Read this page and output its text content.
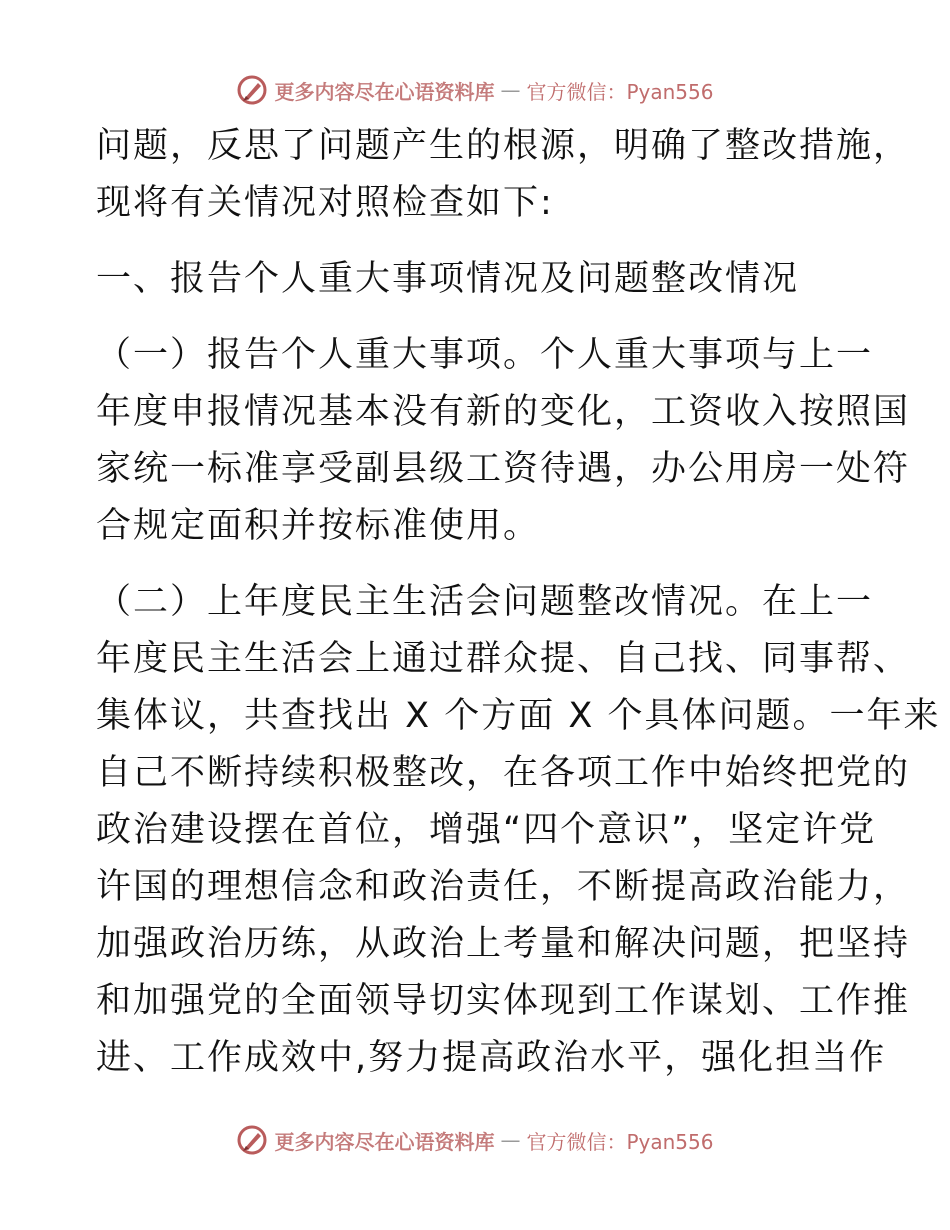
更多内容尽在心语资料库 — 官方微信：Pyan556
问题，反思了问题产生的根源，明确了整改措施，
现将有关情况对照检查如下:
一、报告个人重大事项情况及问题整改情况
（一）报告个人重大事项。个人重大事项与上一
年度申报情况基本没有新的变化，工资收入按照国
家统一标准享受副县级工资待遇，办公用房一处符
合规定面积并按标准使用。
（二）上年度民主生活会问题整改情况。在上一
年度民主生活会上通过群众提、自己找、同事帮、
集体议，共查找出 X 个方面 X 个具体问题。一年来
自己不断持续积极整改，在各项工作中始终把党的
政治建设摆在首位，增强“四个意识”，坚定许党
许国的理想信念和政治责任，不断提高政治能力，
加强政治历练，从政治上考量和解决问题，把坚持
和加强党的全面领导切实体现到工作谋划、工作推
进、工作成效中,努力提高政治水平，强化担当作
更多内容尽在心语资料库 — 官方微信：Pyan556
